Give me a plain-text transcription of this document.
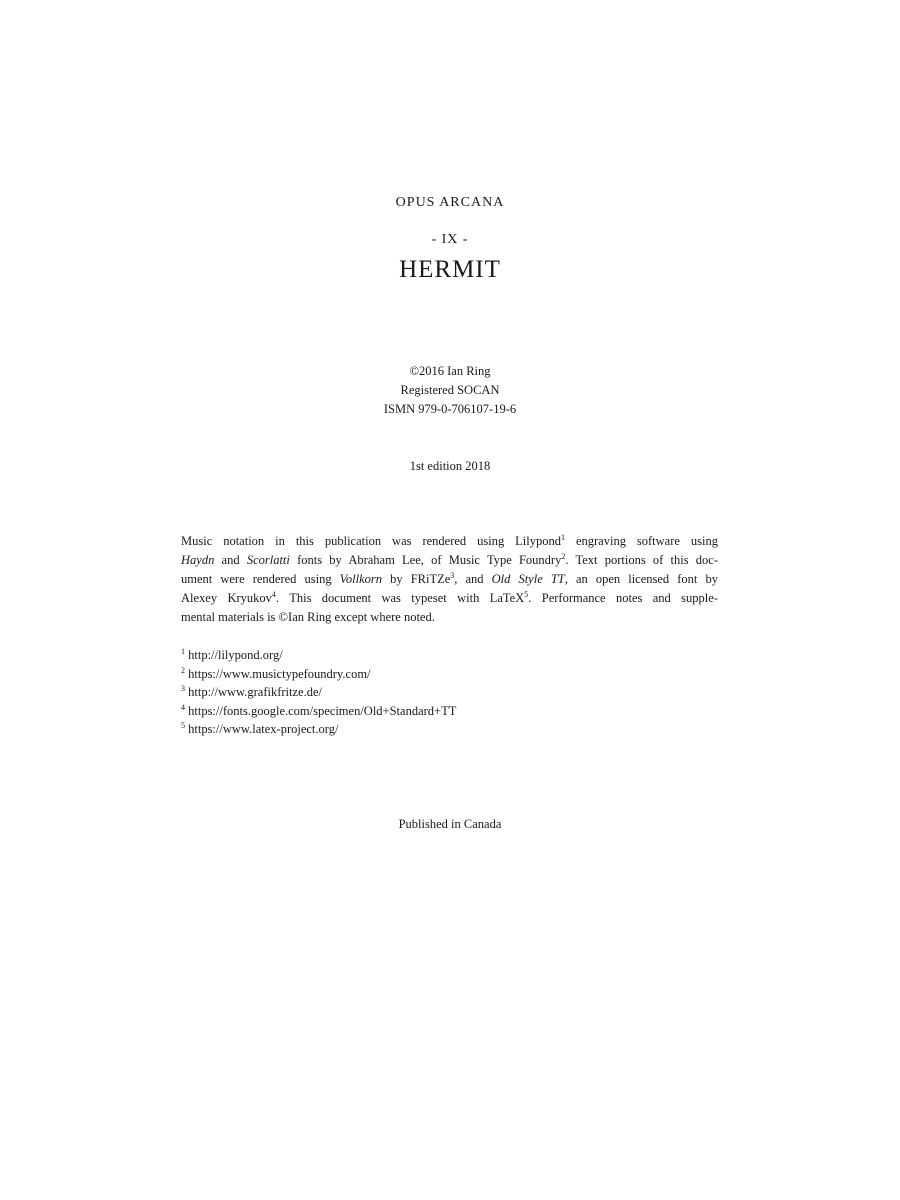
OPUS ARCANA
- IX -
HERMIT
©2016 Ian Ring
Registered SOCAN
ISMN 979-0-706107-19-6
1st edition 2018
Music notation in this publication was rendered using Lilypond$^1$ engraving software using
Haydn and Scorlatti fonts by Abraham Lee, of Music Type Foundry$^2$. Text portions of this doc-
ument were rendered using Vollkorn by FRiTZe$^3$, and Old Style TT, an open licensed font by
Alexey Kryukov$^4$. This document was typeset with LaTeX$^5$. Performance notes and supple-
mental materials is ©Ian Ring except where noted.
$^1$ http://lilypond.org/
$^2$ https://www.musictypefoundry.com/
$^3$ http://www.grafikfritze.de/
$^4$ https://fonts.google.com/specimen/Old+Standard+TT
$^5$ https://www.latex-project.org/
Published in Canada
